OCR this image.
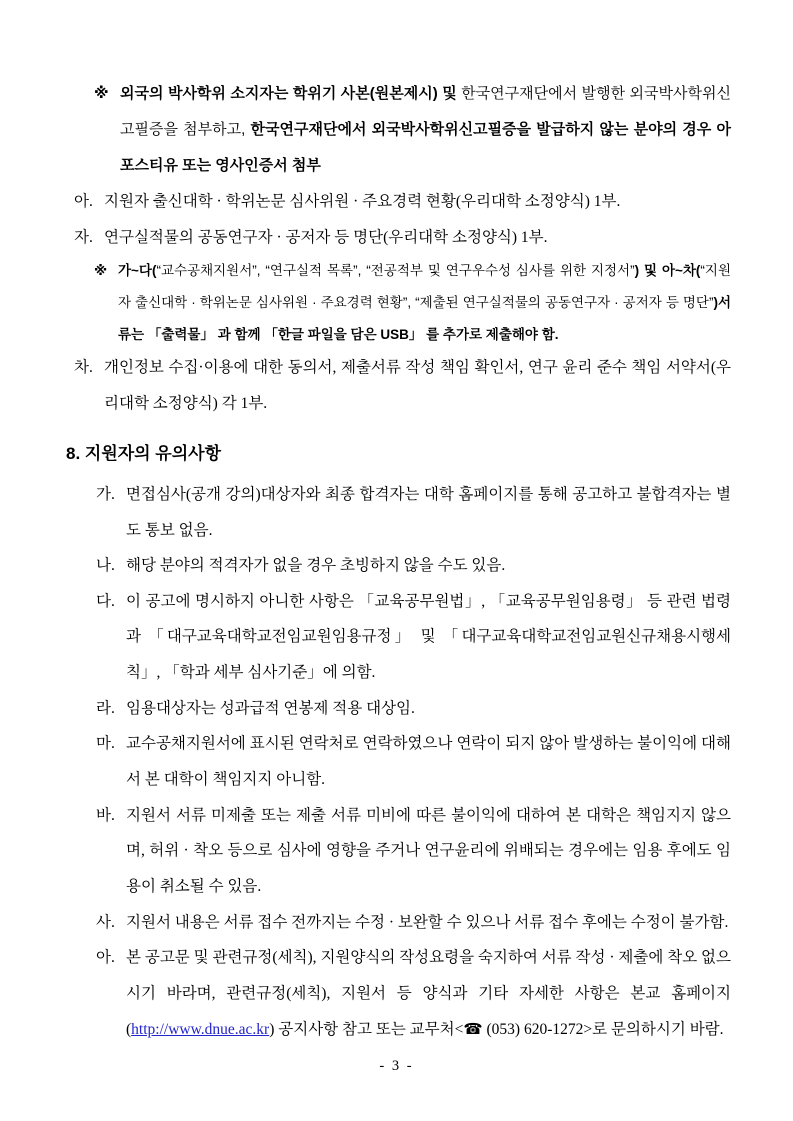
※ 외국의 박사학위 소지자는 학위기 사본(원본제시) 및 한국연구재단에서 발행한 외국박사학위신고필증을 첨부하고, 한국연구재단에서 외국박사학위신고필증을 발급하지 않는 분야의 경우 아포스티유 또는 영사인증서 첨부
아. 지원자 출신대학 · 학위논문 심사위원 · 주요경력 현황(우리대학 소정양식) 1부.
자. 연구실적물의 공동연구자 · 공저자 등 명단(우리대학 소정양식) 1부.
※ 가~다(“교수공채지원서”, “연구실적 목록”, “전공적부 및 연구우수성 심사를 위한 지정서”) 및 아~차(“지원자 출신대학 · 학위논문 심사위원 · 주요경력 현황”, “제출된 연구실적물의 공동연구자 · 공저자 등 명단”)서류는 「출력물」 과 함께 「한글 파일을 담은 USB」 를 추가로 제출해야 함.
차. 개인정보 수집·이용에 대한 동의서, 제출서류 작성 책임 확인서, 연구 윤리 준수 책임 서약서(우리대학 소정양식) 각 1부.
8. 지원자의 유의사항
가. 면접심사(공개 강의)대상자와 최종 합격자는 대학 홈페이지를 통해 공고하고 불합격자는 별도 통보 없음.
나. 해당 분야의 적격자가 없을 경우 초빙하지 않을 수도 있음.
다. 이 공고에 명시하지 아니한 사항은 「교육공무원법」, 「교육공무원임용령」 등 관련 법령과 「대구교육대학교전임교원임용규정」 및 「대구교육대학교전임교원신규채용시행세칙」, 「학과 세부 심사기준」에 의함.
라. 임용대상자는 성과급적 연봉제 적용 대상임.
마. 교수공채지원서에 표시된 연락처로 연락하였으나 연락이 되지 않아 발생하는 불이익에 대해서 본 대학이 책임지지 아니함.
바. 지원서 서류 미제출 또는 제출 서류 미비에 따른 불이익에 대하여 본 대학은 책임지지 않으며, 허위 · 착오 등으로 심사에 영향을 주거나 연구윤리에 위배되는 경우에는 임용 후에도 임용이 취소될 수 있음.
사. 지원서 내용은 서류 접수 전까지는 수정 · 보완할 수 있으나 서류 접수 후에는 수정이 불가함.
아. 본 공고문 및 관련규정(세칙), 지원양식의 작성요령을 숙지하여 서류 작성 · 제출에 착오 없으시기 바라며, 관련규정(세칙), 지원서 등 양식과 기타 자세한 사항은 본교 홈페이지(http://www.dnue.ac.kr) 공지사항 참고 또는 교무처<☎ (053) 620-1272>로 문의하시기 바람.
- 3 -
